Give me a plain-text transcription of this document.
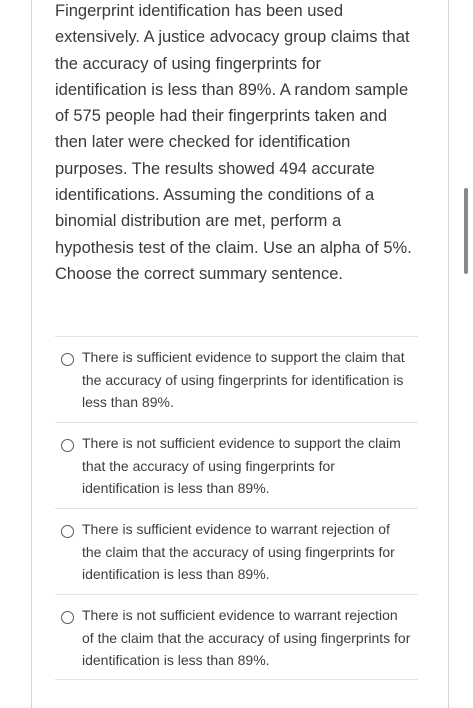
Fingerprint identification has been used extensively. A justice advocacy group claims that the accuracy of using fingerprints for identification is less than 89%. A random sample of 575 people had their fingerprints taken and then later were checked for identification purposes. The results showed 494 accurate identifications. Assuming the conditions of a binomial distribution are met, perform a hypothesis test of the claim. Use an alpha of 5%. Choose the correct summary sentence.

There is sufficient evidence to support the claim that the accuracy of using fingerprints for identification is less than 89%.
There is not sufficient evidence to support the claim that the accuracy of using fingerprints for identification is less than 89%.
There is sufficient evidence to warrant rejection of the claim that the accuracy of using fingerprints for identification is less than 89%.
There is not sufficient evidence to warrant rejection of the claim that the accuracy of using fingerprints for identification is less than 89%.
